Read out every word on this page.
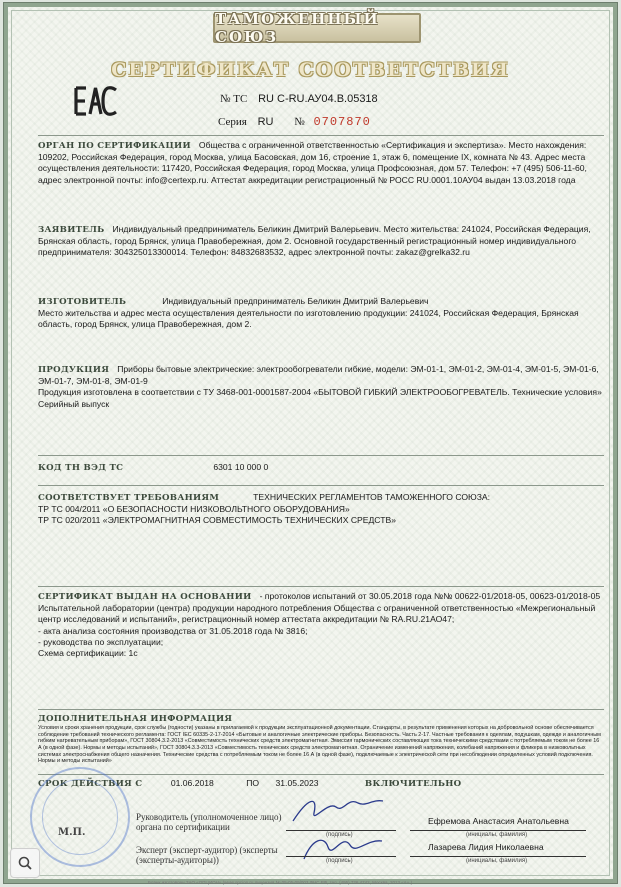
ТАМОЖЕННЫЙ СОЮЗ
СЕРТИФИКАТ СООТВЕТСТВИЯ
№ ТС RU C-RU.АУ04.В.05318
Серия RU № 0707870
ОРГАН ПО СЕРТИФИКАЦИИ Общества с ограниченной ответственностью «Сертификация и экспертиза». Место нахождения: 109202, Российская Федерация, город Москва, улица Басовская, дом 16, строение 1, этаж 6, помещение IX, комната № 43. Адрес места осуществления деятельности: 117420, Российская Федерация, город Москва, улица Профсоюзная, дом 57. Телефон: +7 (495) 506-11-60, адрес электронной почты: info@certexp.ru. Аттестат аккредитации регистрационный № РОСС RU.0001.10АУ04 выдан 13.03.2018 года
ЗАЯВИТЕЛЬ Индивидуальный предприниматель Беликин Дмитрий Валерьевич. Место жительства: 241024, Российская Федерация, Брянская область, город Брянск, улица Правобережная, дом 2. Основной государственный регистрационный номер индивидуального предпринимателя: 304325013300014. Телефон: 84832683532, адрес электронной почты: zakaz@grelka32.ru
ИЗГОТОВИТЕЛЬ	Индивидуальный предприниматель Беликин Дмитрий Валерьевич
Место жительства и адрес места осуществления деятельности по изготовлению продукции: 241024, Российская Федерация, Брянская область, город Брянск, улица Правобережная, дом 2.
ПРОДУКЦИЯ Приборы бытовые электрические: электрообогреватели гибкие, модели: ЭМ-01-1, ЭМ-01-2, ЭМ-01-4, ЭМ-01-5, ЭМ-01-6, ЭМ-01-7, ЭМ-01-8, ЭМ-01-9
Продукция изготовлена в соответствии с ТУ 3468-001-0001587-2004 «БЫТОВОЙ ГИБКИЙ ЭЛЕКТРООБОГРЕВАТЕЛЬ. Технические условия»
Серийный выпуск
КОД ТН ВЭД ТС	6301 10 000 0
СООТВЕТСТВУЕТ ТРЕБОВАНИЯМ	ТЕХНИЧЕСКИХ РЕГЛАМЕНТОВ ТАМОЖЕННОГО СОЮЗА:
ТР ТС 004/2011 «О БЕЗОПАСНОСТИ НИЗКОВОЛЬТНОГО ОБОРУДОВАНИЯ»
ТР ТС 020/2011 «ЭЛЕКТРОМАГНИТНАЯ СОВМЕСТИМОСТЬ ТЕХНИЧЕСКИХ СРЕДСТВ»
СЕРТИФИКАТ ВЫДАН НА ОСНОВАНИИ - протоколов испытаний от 30.05.2018 года №№ 00622-01/2018-05, 00623-01/2018-05 Испытательной лаборатории (центра) продукции народного потребления Общества с ограниченной ответственностью «Межрегиональный центр исследований и испытаний», регистрационный номер аттестата аккредитации № RA.RU.21АО47;
- акта анализа состояния производства от 31.05.2018 года № 3816;
- руководства по эксплуатации;
Схема сертификации: 1с
ДОПОЛНИТЕЛЬНАЯ ИНФОРМАЦИЯ
Условия и сроки хранения продукции, срок службы (годности) указаны в прилагаемой к продукции эксплуатационной документации. Стандарты, в результате применения которых на добровольной основе обеспечивается соблюдение требований технического регламента: ГОСТ IEC 60335-2-17-2014 «Бытовые и аналогичные электрические приборы. Безопасность. Часть 2-17. Частные требования к одеялам, подушкам, одежде и аналогичным гибким нагревательным приборам», ГОСТ 30804.3.2-2013 «Совместимость технических средств электромагнитная. Эмиссия гармонических составляющих тока техническими средствами с потребляемым током не более 16 А (в одной фазе). Нормы и методы испытаний», ГОСТ 30804.3.3-2013 «Совместимость технических средств электромагнитная. Ограничение изменений напряжения, колебаний напряжения и фликера в низковольтных системах электроснабжения общего назначения. Технические средства с потребляемым током не более 16 А (в одной фазе), подключаемые к электрической сети при несоблюдении определенных условий подключения. Нормы и методы испытаний»
СРОК ДЕЙСТВИЯ С	01.06.2018	ПО 31.05.2023	ВКЛЮЧИТЕЛЬНО
М.П.
Руководитель (уполномоченное лицо) органа по сертификации
(подпись)
Ефремова Анастасия Анатольевна
(инициалы, фамилия)
Эксперт (эксперт-аудитор) (эксперты (эксперты-аудиторы))	(подпись)
Лазарева Лидия Николаевна
(инициалы, фамилия)
Бланк изготовлен ЗАО «ОПЦИОН» (www.opcion.ru лицензия № 05-05-09/003 ФНС РФ, тел. (495) 726 4742, Москва, 2013 «А» )
